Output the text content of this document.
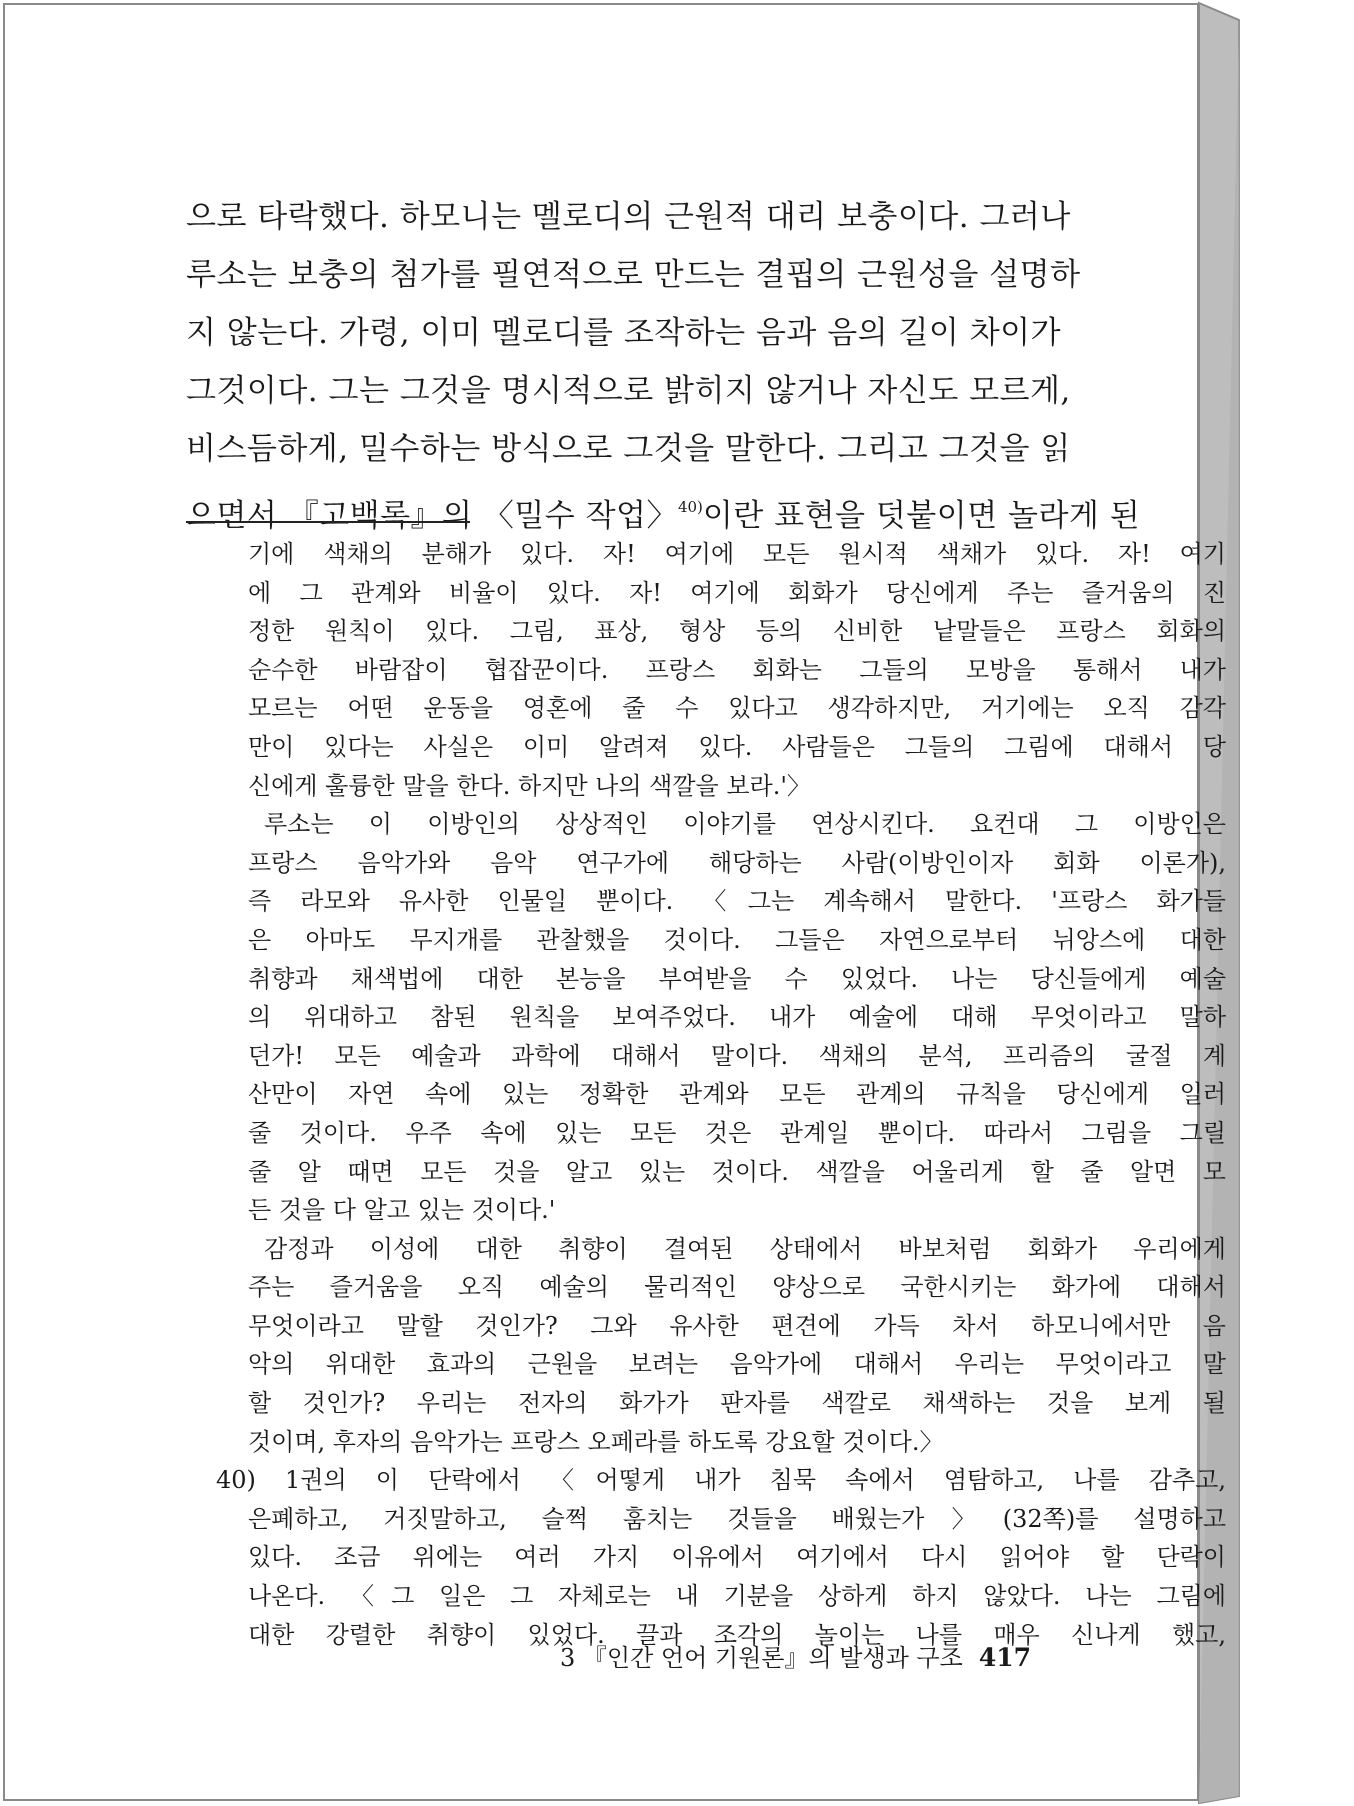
으로 타락했다. 하모니는 멜로디의 근원적 대리 보충이다. 그러나
루소는 보충의 첨가를 필연적으로 만드는 결핍의 근원성을 설명하
지 않는다. 가령, 이미 멜로디를 조작하는 음과 음의 길이 차이가
그것이다. 그는 그것을 명시적으로 밝히지 않거나 자신도 모르게,
비스듬하게, 밀수하는 방식으로 그것을 말한다. 그리고 그것을 읽
으면서 『고백록』의 〈밀수 작업〉$^{40)}$이란 표현을 덧붙이면 놀라게 된
기에 색채의 분해가 있다. 자! 여기에 모든 원시적 색채가 있다. 자! 여기
에 그 관계와 비율이 있다. 자! 여기에 회화가 당신에게 주는 즐거움의 진
정한 원칙이 있다. 그림, 표상, 형상 등의 신비한 낱말들은 프랑스 회화의
순수한 바람잡이 협잡꾼이다. 프랑스 회화는 그들의 모방을 통해서 내가
모르는 어떤 운동을 영혼에 줄 수 있다고 생각하지만, 거기에는 오직 감각
만이 있다는 사실은 이미 알려져 있다. 사람들은 그들의 그림에 대해서 당
신에게 훌륭한 말을 한다. 하지만 나의 색깔을 보라.'〉
루소는 이 이방인의 상상적인 이야기를 연상시킨다. 요컨대 그 이방인은
프랑스 음악가와 음악 연구가에 해당하는 사람(이방인이자 회화 이론가),
즉 라모와 유사한 인물일 뿐이다. 〈그는 계속해서 말한다. '프랑스 화가들
은 아마도 무지개를 관찰했을 것이다. 그들은 자연으로부터 뉘앙스에 대한
취향과 채색법에 대한 본능을 부여받을 수 있었다. 나는 당신들에게 예술
의 위대하고 참된 원칙을 보여주었다. 내가 예술에 대해 무엇이라고 말하
던가! 모든 예술과 과학에 대해서 말이다. 색채의 분석, 프리즘의 굴절 계
산만이 자연 속에 있는 정확한 관계와 모든 관계의 규칙을 당신에게 일러
줄 것이다. 우주 속에 있는 모든 것은 관계일 뿐이다. 따라서 그림을 그릴
줄 알 때면 모든 것을 알고 있는 것이다. 색깔을 어울리게 할 줄 알면 모
든 것을 다 알고 있는 것이다.'
감정과 이성에 대한 취향이 결여된 상태에서 바보처럼 회화가 우리에게
주는 즐거움을 오직 예술의 물리적인 양상으로 국한시키는 화가에 대해서
무엇이라고 말할 것인가? 그와 유사한 편견에 가득 차서 하모니에서만 음
악의 위대한 효과의 근원을 보려는 음악가에 대해서 우리는 무엇이라고 말
할 것인가? 우리는 전자의 화가가 판자를 색깔로 채색하는 것을 보게 될
것이며, 후자의 음악가는 프랑스 오페라를 하도록 강요할 것이다.〉
40) 1권의 이 단락에서 〈어떻게 내가 침묵 속에서 염탐하고, 나를 감추고,
은폐하고, 거짓말하고, 슬쩍 훔치는 것들을 배웠는가〉(32쪽)를 설명하고
있다. 조금 위에는 여러 가지 이유에서 여기에서 다시 읽어야 할 단락이
나온다. 〈그 일은 그 자체로는 내 기분을 상하게 하지 않았다. 나는 그림에
대한 강렬한 취향이 있었다. 끌과 조각의 놀이는 나를 매우 신나게 했고,
3 『인간 언어 기원론』의 발생과 구조 417
